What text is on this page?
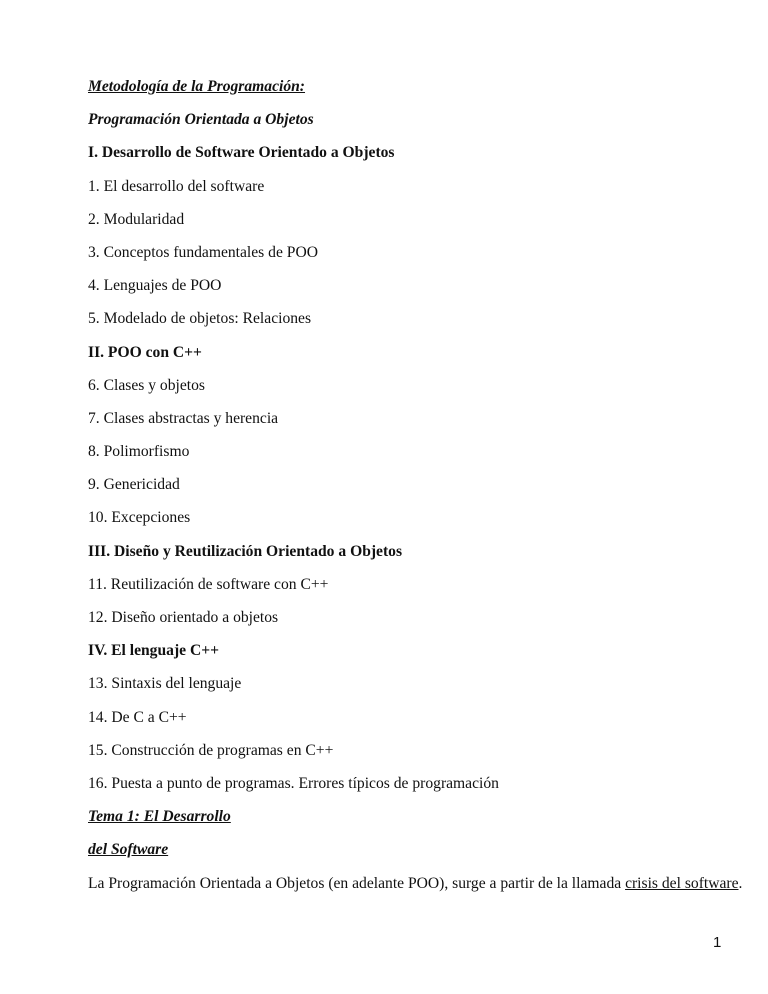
Metodología de la Programación:
Programación Orientada a Objetos
I. Desarrollo de Software Orientado a Objetos
1. El desarrollo del software
2. Modularidad
3. Conceptos fundamentales de POO
4. Lenguajes de POO
5. Modelado de objetos: Relaciones
II. POO con C++
6. Clases y objetos
7. Clases abstractas y herencia
8. Polimorfismo
9. Genericidad
10. Excepciones
III. Diseño y Reutilización Orientado a Objetos
11. Reutilización de software con C++
12. Diseño orientado a objetos
IV. El lenguaje C++
13. Sintaxis del lenguaje
14. De C a C++
15. Construcción de programas en C++
16. Puesta a punto de programas. Errores típicos de programación
Tema 1: El Desarrollo
del Software
La Programación Orientada a Objetos (en adelante POO), surge a partir de la llamada crisis del software.
1
